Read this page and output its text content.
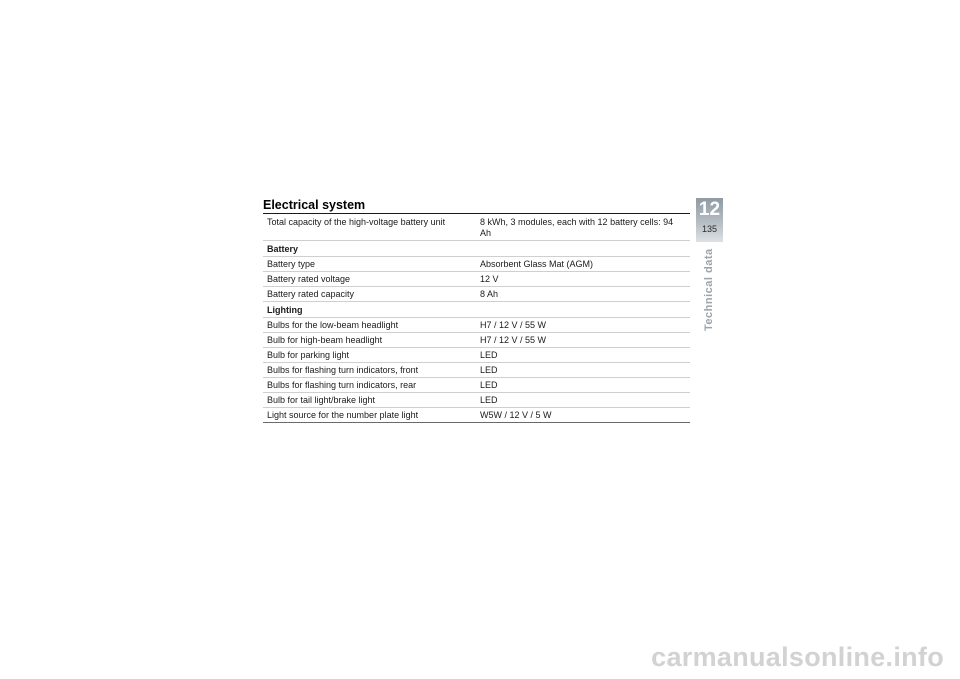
Electrical system
Total capacity of the high-voltage battery unit	8 kWh, 3 modules, each with 12 battery cells: 94 Ah
Battery	
Battery type	Absorbent Glass Mat (AGM)
Battery rated voltage	12 V
Battery rated capacity	8 Ah
Lighting	
Bulbs for the low-beam headlight	H7 / 12 V / 55 W
Bulb for high-beam headlight	H7 / 12 V / 55 W
Bulb for parking light	LED
Bulbs for flashing turn indicators, front	LED
Bulbs for flashing turn indicators, rear	LED
Bulb for tail light/brake light	LED
Light source for the number plate light	W5W / 12 V / 5 W
12
135
Technical data
carmanualsonline.info
